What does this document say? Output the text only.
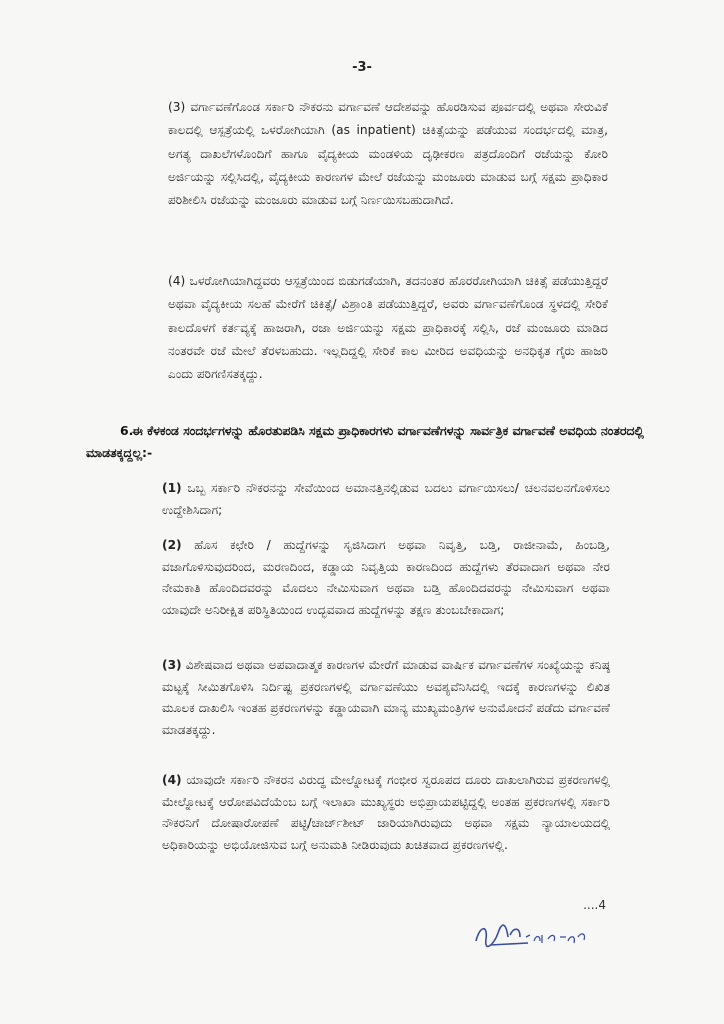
-3-
(3) ವರ್ಗಾವಣೆಗೊಂಡ ಸರ್ಕಾರಿ ನೌಕರನು ವರ್ಗಾವಣೆ ಆದೇಶವನ್ನು ಹೊರಡಿಸುವ ಪೂರ್ವದಲ್ಲಿ ಅಥವಾ ಸೇರುವಿಕೆ ಕಾಲದಲ್ಲಿ ಆಸ್ಪತ್ರೆಯಲ್ಲಿ ಒಳರೋಗಿಯಾಗಿ (as inpatient) ಚಿಕಿತ್ಸೆಯನ್ನು ಪಡೆಯುವ ಸಂದರ್ಭದಲ್ಲಿ ಮಾತ್ರ, ಅಗತ್ಯ ದಾಖಲೆಗಳೊಂದಿಗೆ ಹಾಗೂ ವೈದ್ಯಕೀಯ ಮಂಡಳಿಯ ದೃಢೀಕರಣ ಪತ್ರದೊಂದಿಗೆ ರಜೆಯನ್ನು ಕೋರಿ ಅರ್ಜಿಯನ್ನು ಸಲ್ಲಿಸಿದಲ್ಲಿ, ವೈದ್ಯಕೀಯ ಕಾರಣಗಳ ಮೇಲೆ ರಜೆಯನ್ನು ಮಂಜೂರು ಮಾಡುವ ಬಗ್ಗೆ ಸಕ್ಷಮ ಪ್ರಾಧಿಕಾರ ಪರಿಶೀಲಿಸಿ ರಜೆಯನ್ನು ಮಂಜೂರು ಮಾಡುವ ಬಗ್ಗೆ ನಿರ್ಣಯಿಸಬಹುದಾಗಿದೆ.
(4) ಒಳರೋಗಿಯಾಗಿದ್ದವರು ಆಸ್ಪತ್ರೆಯಿಂದ ಬಿಡುಗಡೆಯಾಗಿ, ತದನಂತರ ಹೊರರೋಗಿಯಾಗಿ ಚಿಕಿತ್ಸೆ ಪಡೆಯುತ್ತಿದ್ದರೆ ಅಥವಾ ವೈದ್ಯಕೀಯ ಸಲಹೆ ಮೇರೆಗೆ ಚಿಕಿತ್ಸೆ/ ವಿಶ್ರಾಂತಿ ಪಡೆಯುತ್ತಿದ್ದರೆ, ಅವರು ವರ್ಗಾವಣೆಗೊಂಡ ಸ್ಥಳದಲ್ಲಿ ಸೇರಿಕೆ ಕಾಲದೊಳಗೆ ಕರ್ತವ್ಯಕ್ಕೆ ಹಾಜರಾಗಿ, ರಜಾ ಅರ್ಜಿಯನ್ನು ಸಕ್ಷಮ ಪ್ರಾಧಿಕಾರಕ್ಕೆ ಸಲ್ಲಿಸಿ, ರಜೆ ಮಂಜೂರು ಮಾಡಿದ ನಂತರವೇ ರಜೆ ಮೇಲೆ ತೆರಳಬಹುದು. ಇಲ್ಲದಿದ್ದಲ್ಲಿ ಸೇರಿಕೆ ಕಾಲ ಮೀರಿದ ಅವಧಿಯನ್ನು ಅನಧಿಕೃತ ಗೈರು ಹಾಜರಿ ಎಂದು ಪರಿಗಣಿಸತಕ್ಕದ್ದು.
6.ಈ ಕೆಳಕಂಡ ಸಂದರ್ಭಗಳನ್ನು ಹೊರತುಪಡಿಸಿ ಸಕ್ಷಮ ಪ್ರಾಧಿಕಾರಗಳು ವರ್ಗಾವಣೆಗಳನ್ನು ಸಾರ್ವತ್ರಿಕ ವರ್ಗಾವಣೆ ಅವಧಿಯ ನಂತರದಲ್ಲಿ ಮಾಡತಕ್ಕದ್ದಲ್ಲ:-
(1) ಒಬ್ಬ ಸರ್ಕಾರಿ ನೌಕರನನ್ನು ಸೇವೆಯಿಂದ ಅಮಾನತ್ತಿನಲ್ಲಿಡುವ ಬದಲು ವರ್ಗಾಯಿಸಲು/ ಚಲನವಲನಗೊಳಿಸಲು ಉದ್ದೇಶಿಸಿದಾಗ;
(2) ಹೊಸ ಕಛೇರಿ / ಹುದ್ದೆಗಳನ್ನು ಸೃಜಿಸಿದಾಗ ಅಥವಾ ನಿವೃತ್ತಿ, ಬಡ್ತಿ, ರಾಜೀನಾಮೆ, ಹಿಂಬಡ್ತಿ, ವಜಾಗೊಳಿಸುವುದರಿಂದ, ಮರಣದಿಂದ, ಕಡ್ಡಾಯ ನಿವೃತ್ತಿಯ ಕಾರಣದಿಂದ ಹುದ್ದೆಗಳು ತೆರವಾದಾಗ ಅಥವಾ ನೇರ ನೇಮಕಾತಿ ಹೊಂದಿದವರನ್ನು ಮೊದಲು ನೇಮಿಸುವಾಗ ಅಥವಾ ಬಡ್ತಿ ಹೊಂದಿದವರನ್ನು ನೇಮಿಸುವಾಗ ಅಥವಾ ಯಾವುದೇ ಅನಿರೀಕ್ಷಿತ ಪರಿಸ್ಥಿತಿಯಿಂದ ಉದ್ಭವವಾದ ಹುದ್ದೆಗಳನ್ನು ತಕ್ಷಣ ತುಂಬಬೇಕಾದಾಗ;
(3) ವಿಶೇಷವಾದ ಅಥವಾ ಅಪವಾದಾತ್ಮಕ ಕಾರಣಗಳ ಮೇರೆಗೆ ಮಾಡುವ ವಾರ್ಷಿಕ ವರ್ಗಾವಣೆಗಳ ಸಂಖ್ಯೆಯನ್ನು ಕನಿಷ್ಠ ಮಟ್ಟಕ್ಕೆ ಸೀಮಿತಗೊಳಿಸಿ ನಿರ್ದಿಷ್ಟ ಪ್ರಕರಣಗಳಲ್ಲಿ ವರ್ಗಾವಣೆಯು ಅವಶ್ಯವೆನಿಸಿದಲ್ಲಿ ಇದಕ್ಕೆ ಕಾರಣಗಳನ್ನು ಲಿಖಿತ ಮೂಲಕ ದಾಖಲಿಸಿ ಇಂತಹ ಪ್ರಕರಣಗಳನ್ನು ಕಡ್ಡಾಯವಾಗಿ ಮಾನ್ಯ ಮುಖ್ಯಮಂತ್ರಿಗಳ ಅನುಮೋದನೆ ಪಡೆದು ವರ್ಗಾವಣೆ ಮಾಡತಕ್ಕದ್ದು.
(4) ಯಾವುದೇ ಸರ್ಕಾರಿ ನೌಕರನ ವಿರುದ್ಧ ಮೇಲ್ನೋಟಕ್ಕೆ ಗಂಭೀರ ಸ್ವರೂಪದ ದೂರು ದಾಖಲಾಗಿರುವ ಪ್ರಕರಣಗಳಲ್ಲಿ ಮೇಲ್ನೋಟಕ್ಕೆ ಆರೋಪವಿದೆಯೆಂಬ ಬಗ್ಗೆ ಇಲಾಖಾ ಮುಖ್ಯಸ್ಥರು ಅಭಿಪ್ರಾಯಪಟ್ಟಿದ್ದಲ್ಲಿ ಅಂತಹ ಪ್ರಕರಣಗಳಲ್ಲಿ ಸರ್ಕಾರಿ ನೌಕರನಿಗೆ ದೋಷಾರೋಪಣೆ ಪಟ್ಟಿ/ಚಾರ್ಜ್‌ಶೀಟ್ ಜಾರಿಯಾಗಿರುವುದು ಅಥವಾ ಸಕ್ಷಮ ನ್ಯಾಯಾಲಯದಲ್ಲಿ ಅಧಿಕಾರಿಯನ್ನು ಅಭಿಯೋಜಿಸುವ ಬಗ್ಗೆ ಅನುಮತಿ ನೀಡಿರುವುದು ಖಚಿತವಾದ ಪ್ರಕರಣಗಳಲ್ಲಿ.
....4
